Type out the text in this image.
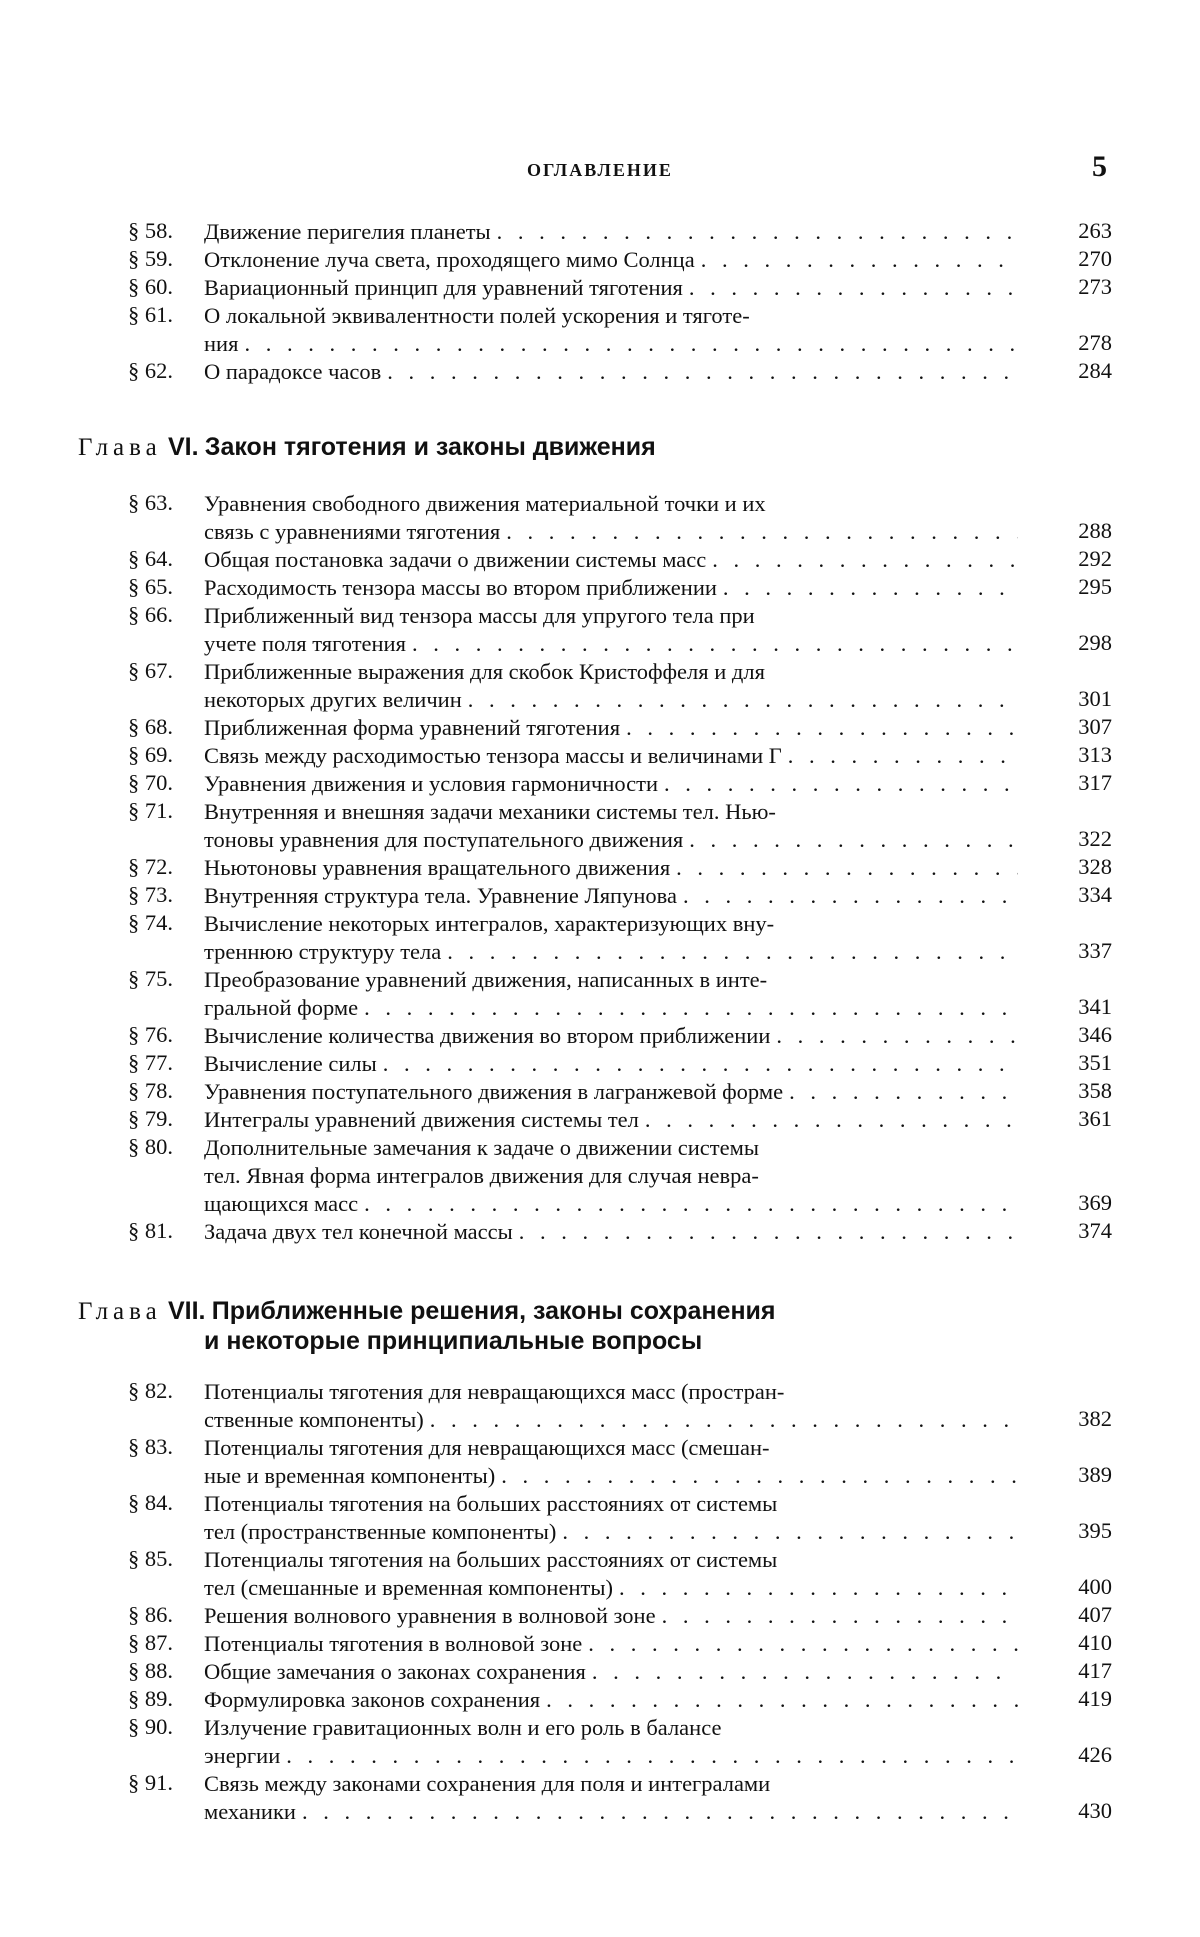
ОГЛАВЛЕНИЕ	5
Глава VI. Закон тяготения и законы движения
Глава VII. Приближенные решения, законы сохранения
и некоторые принципиальные вопросы
§ 58. Движение перигелия планеты . . .	263
§ 59. Отклонение луча света, проходящего мимо Солнца . . .	270
§ 60. Вариационный принцип для уравнений тяготения . . .	273
§ 61. О локальной эквивалентности полей ускорения и тяготе-
ния . . .	278
§ 62. О парадоксе часов . . .	284
§ 63. Уравнения свободного движения материальной точки и их
связь с уравнениями тяготения . . .	288
§ 64. Общая постановка задачи о движении системы масс . . .	292
§ 65. Расходимость тензора массы во втором приближении . . .	295
§ 66. Приближенный вид тензора массы для упругого тела при
учете поля тяготения . . .	298
§ 67. Приближенные выражения для скобок Кристоффеля и для
некоторых других величин . . .	301
§ 68. Приближенная форма уравнений тяготения . . .	307
§ 69. Связь между расходимостью тензора массы и величинами Γ . . .	313
§ 70. Уравнения движения и условия гармоничности . . .	317
§ 71. Внутренняя и внешняя задачи механики системы тел. Нью-
тоновы уравнения для поступательного движения . . .	322
§ 72. Ньютоновы уравнения вращательного движения . . .	328
§ 73. Внутренняя структура тела. Уравнение Ляпунова . . .	334
§ 74. Вычисление некоторых интегралов, характеризующих вну-
треннюю структуру тела . . .	337
§ 75. Преобразование уравнений движения, написанных в инте-
гральной форме . . .	341
§ 76. Вычисление количества движения во втором приближении . . .	346
§ 77. Вычисление силы . . .	351
§ 78. Уравнения поступательного движения в лагранжевой форме . . .	358
§ 79. Интегралы уравнений движения системы тел . . .	361
§ 80. Дополнительные замечания к задаче о движении системы
тел. Явная форма интегралов движения для случая невра-
щающихся масс . . .	369
§ 81. Задача двух тел конечной массы . . .	374
§ 82. Потенциалы тяготения для невращающихся масс (простран-
ственные компоненты) . . .	382
§ 83. Потенциалы тяготения для невращающихся масс (смешан-
ные и временная компоненты) . . .	389
§ 84. Потенциалы тяготения на больших расстояниях от системы
тел (пространственные компоненты) . . .	395
§ 85. Потенциалы тяготения на больших расстояниях от системы
тел (смешанные и временная компоненты) . . .	400
§ 86. Решения волнового уравнения в волновой зоне . . .	407
§ 87. Потенциалы тяготения в волновой зоне . . .	410
§ 88. Общие замечания о законах сохранения . . .	417
§ 89. Формулировка законов сохранения . . .	419
§ 90. Излучение гравитационных волн и его роль в балансе
энергии . . .	426
§ 91. Связь между законами сохранения для поля и интегралами
механики . . .	430
